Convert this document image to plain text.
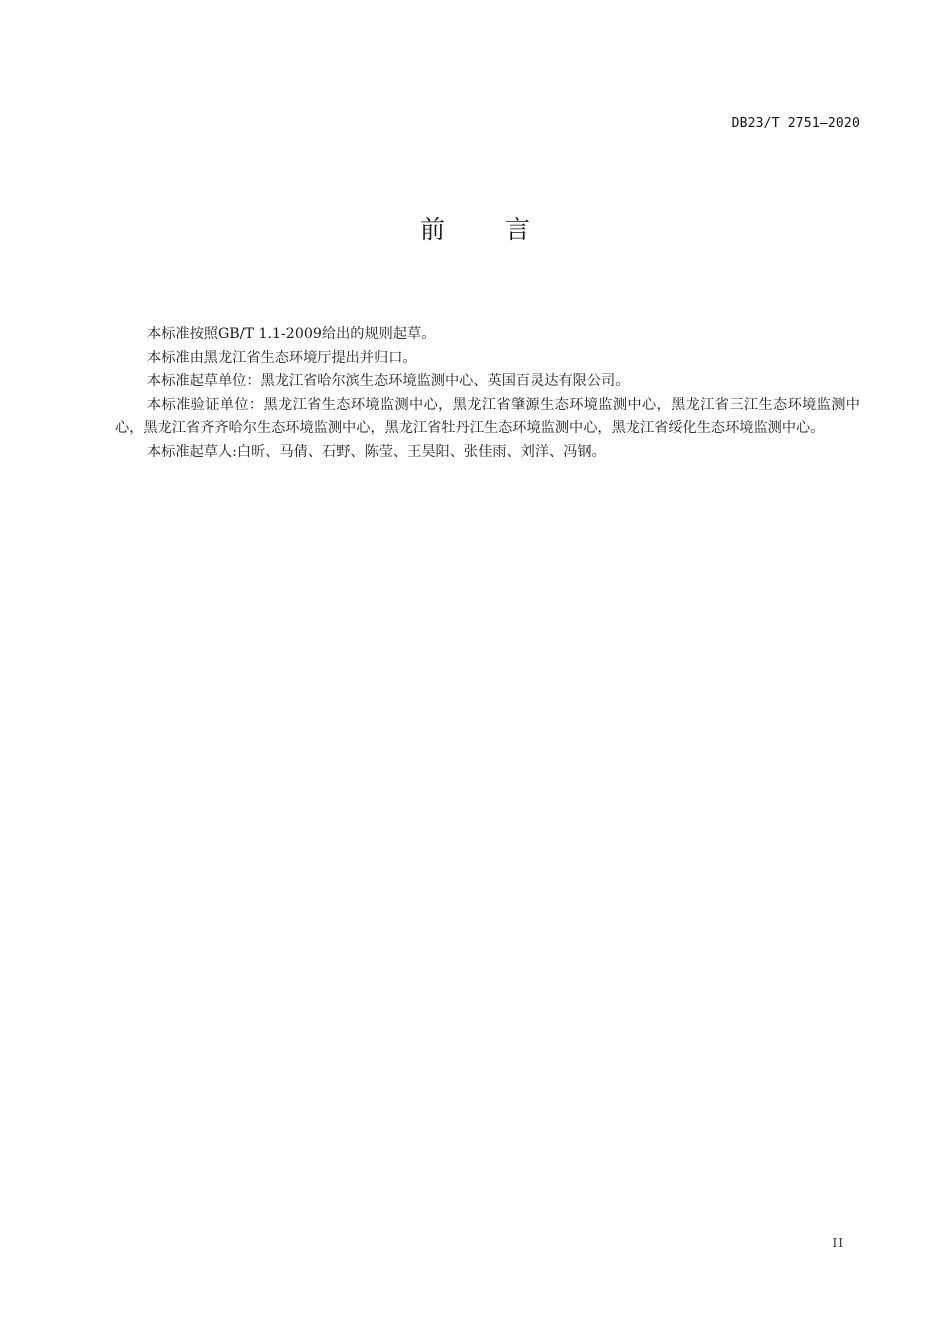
DB23/T 2751—2020
前言

本标准按照GB/T 1.1-2009给出的规则起草。

本标准由黑龙江省生态环境厅提出并归口。

本标准起草单位：黑龙江省哈尔滨生态环境监测中心、英国百灵达有限公司。

本标准验证单位：黑龙江省生态环境监测中心，黑龙江省肇源生态环境监测中心，黑龙江省三江生态环境监测中心，黑龙江省齐齐哈尔生态环境监测中心，黑龙江省牡丹江生态环境监测中心，黑龙江省绥化生态环境监测中心。

本标准起草人:白昕、马倩、石野、陈莹、王昊阳、张佳雨、刘洋、冯钢。

II
